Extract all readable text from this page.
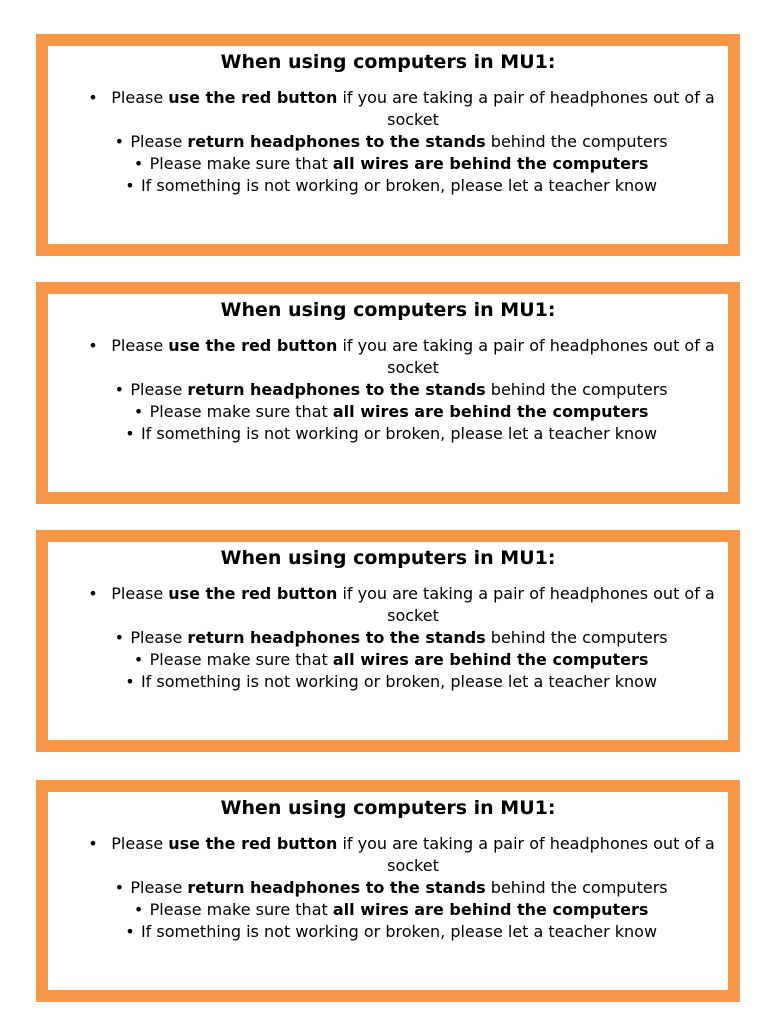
When using computers in MU1:
• Please use the red button if you are taking a pair of headphones out of a socket
• Please return headphones to the stands behind the computers
• Please make sure that all wires are behind the computers
• If something is not working or broken, please let a teacher know
When using computers in MU1:
• Please use the red button if you are taking a pair of headphones out of a socket
• Please return headphones to the stands behind the computers
• Please make sure that all wires are behind the computers
• If something is not working or broken, please let a teacher know
When using computers in MU1:
• Please use the red button if you are taking a pair of headphones out of a socket
• Please return headphones to the stands behind the computers
• Please make sure that all wires are behind the computers
• If something is not working or broken, please let a teacher know
When using computers in MU1:
• Please use the red button if you are taking a pair of headphones out of a socket
• Please return headphones to the stands behind the computers
• Please make sure that all wires are behind the computers
• If something is not working or broken, please let a teacher know
